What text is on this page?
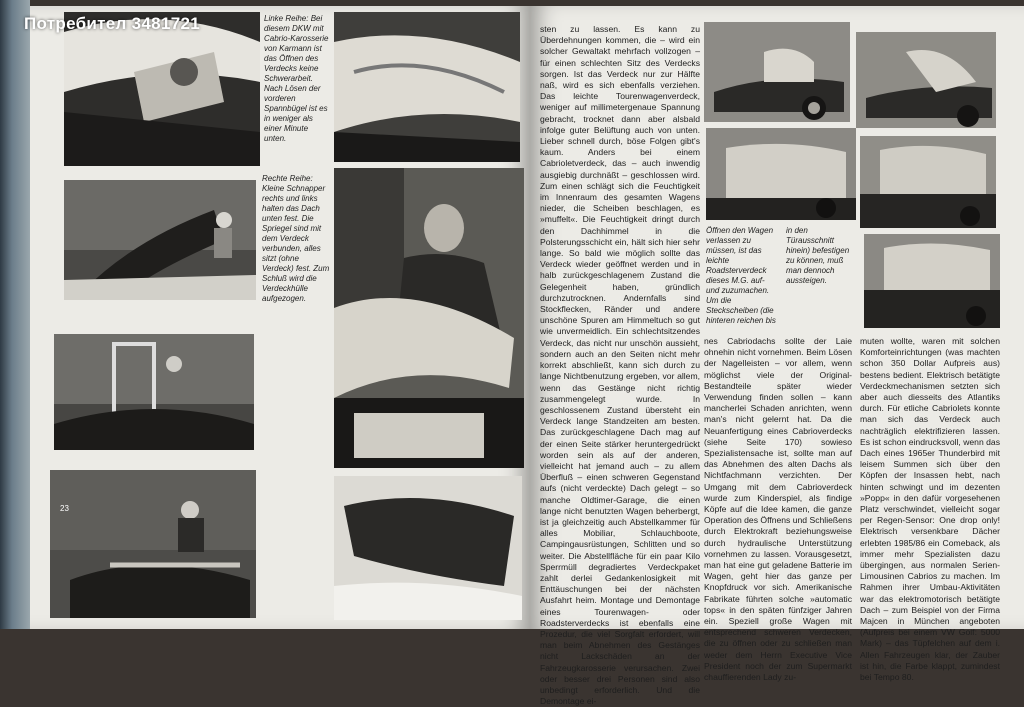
Linke Reihe: Bei diesem DKW mit Cabrio-Karosserie von Karmann ist das Öffnen des Verdecks keine Schwerarbeit. Nach Lösen der vorderen Spannbügel ist es in weniger als einer Minute unten.
Rechte Reihe: Kleine Schnapper rechts und links halten das Dach unten fest. Die Spriegel sind mit dem Verdeck verbunden, alles sitzt (ohne Verdeck) fest. Zum Schluß wird die Verdeckhülle aufgezogen.
23

sten zu lassen. Es kann zu Überdehnungen kommen, die – wird ein solcher Gewaltakt mehrfach vollzogen – für einen schlechten Sitz des Verdecks sorgen. Ist das Verdeck nur zur Hälfte naß, wird es sich ebenfalls verziehen. Das leichte Tourenwagenverdeck, weniger auf millimetergenaue Spannung gebracht, trocknet dann aber alsbald infolge guter Belüftung auch von unten. Lieber schnell durch, böse Folgen gibt's kaum. Anders bei einem Cabrioletverdeck, das – auch inwendig ausgiebig durchnäßt – geschlossen wird. Zum einen schlägt sich die Feuchtigkeit im Innenraum des gesamten Wagens nieder, die Scheiben beschlagen, es »muffelt«. Die Feuchtigkeit dringt durch den Dachhimmel in die Polsterungsschicht ein, hält sich hier sehr lange. So bald wie möglich sollte das Verdeck wieder geöffnet werden und in halb zurückgeschlagenem Zustand die Gelegenheit haben, gründlich durchzutrocknen. Andernfalls sind Stockflecken, Ränder und andere unschöne Spuren am Himmeltuch so gut wie unvermeidlich. Ein schlechtsitzendes Verdeck, das nicht nur unschön aussieht, sondern auch an den Seiten nicht mehr korrekt abschließt, kann sich durch zu lange Nichtbenutzung ergeben, vor allem, wenn das Gestänge nicht richtig zusammengelegt wurde. In geschlossenem Zustand übersteht ein Verdeck lange Standzeiten am besten. Das zurückgeschlagene Dach mag auf der einen Seite stärker heruntergedrückt worden sein als auf der anderen, vielleicht hat jemand auch – zu allem Überfluß – einen schweren Gegenstand aufs (nicht verdeckte) Dach gelegt – so manche Oldtimer-Garage, die einen lange nicht benutzten Wagen beherbergt, ist ja gleichzeitig auch Abstellkammer für alles Mobiliar, Schlauchboote, Campingausrüstungen, Schlitten und so weiter. Die Abstellfläche für ein paar Kilo Sperrmüll degradiertes Verdeckpaket zahlt derlei Gedankenlosigkeit mit Enttäuschungen bei der nächsten Ausfahrt heim. Montage und Demontage eines Tourenwagen- oder Roadsterverdecks ist ebenfalls eine Prozedur, die viel Sorgfalt erfordert, will man beim Abnehmen des Gestänges nicht Lackschäden an der Fahrzeugkarosserie verursachen. Zwei oder besser drei Personen sind also unbedingt erforderlich. Und die Demontage ei-

Öffnen den Wagen verlassen zu müssen, ist das leichte Roadsterverdeck dieses M.G. auf- und zuzumachen. Um die Steckscheiben (die hinteren reichen bis
in den Türausschnitt hinein) befestigen zu können, muß man dennoch aussteigen.

nes Cabriodachs sollte der Laie ohnehin nicht vornehmen. Beim Lösen der Nagelleisten – vor allem, wenn möglichst viele der Original-Bestandteile später wieder Verwendung finden sollen – kann mancherlei Schaden anrichten, wenn man's nicht gelernt hat. Da die Neuanfertigung eines Cabrioverdecks (siehe Seite 170) sowieso Spezialistensache ist, sollte man auf das Abnehmen des alten Dachs als Nichtfachmann verzichten. Der Umgang mit dem Cabrioverdeck wurde zum Kinderspiel, als findige Köpfe auf die Idee kamen, die ganze Operation des Öffnens und Schließens durch Elektrokraft beziehungsweise durch hydraulische Unterstützung vornehmen zu lassen. Vorausgesetzt, man hat eine gut geladene Batterie im Wagen, geht hier das ganze per Knopfdruck vor sich. Amerikanische Fabrikate führten solche »automatic tops« in den späten fünfziger Jahren ein. Speziell große Wagen mit entsprechend schweren Verdecken, die zu öffnen oder zu schließen man weder dem Herrn Executive Vice President noch der zum Supermarkt chauffierenden Lady zu-

muten wollte, waren mit solchen Komforteinrichtungen (was machten schon 350 Dollar Aufpreis aus) bestens bedient. Elektrisch betätigte Verdeckmechanismen setzten sich aber auch diesseits des Atlantiks durch. Für etliche Cabriolets konnte man sich das Verdeck auch nachträglich elektrifizieren lassen. Es ist schon eindrucksvoll, wenn das Dach eines 1965er Thunderbird mit leisem Summen sich über den Köpfen der Insassen hebt, nach hinten schwingt und im dezenten »Popp« in den dafür vorgesehenen Platz verschwindet, vielleicht sogar per Regen-Sensor: One drop only! Elektrisch versenkbare Dächer erlebten 1985/86 ein Comeback, als immer mehr Spezialisten dazu übergingen, aus normalen Serien-Limousinen Cabrios zu machen. Im Rahmen ihrer Umbau-Aktivitäten war das elektromotorisch betätigte Dach – zum Beispiel von der Firma Majcen in München angeboten (Aufpreis bei einem VW Golf: 5000 Mark) – das Tüpfelchen auf dem i. Allen Fahrzeugen klar, der Zauber ist hin, die Farbe klappt, zumindest bei Tempo 80.

Потребител 3481721
